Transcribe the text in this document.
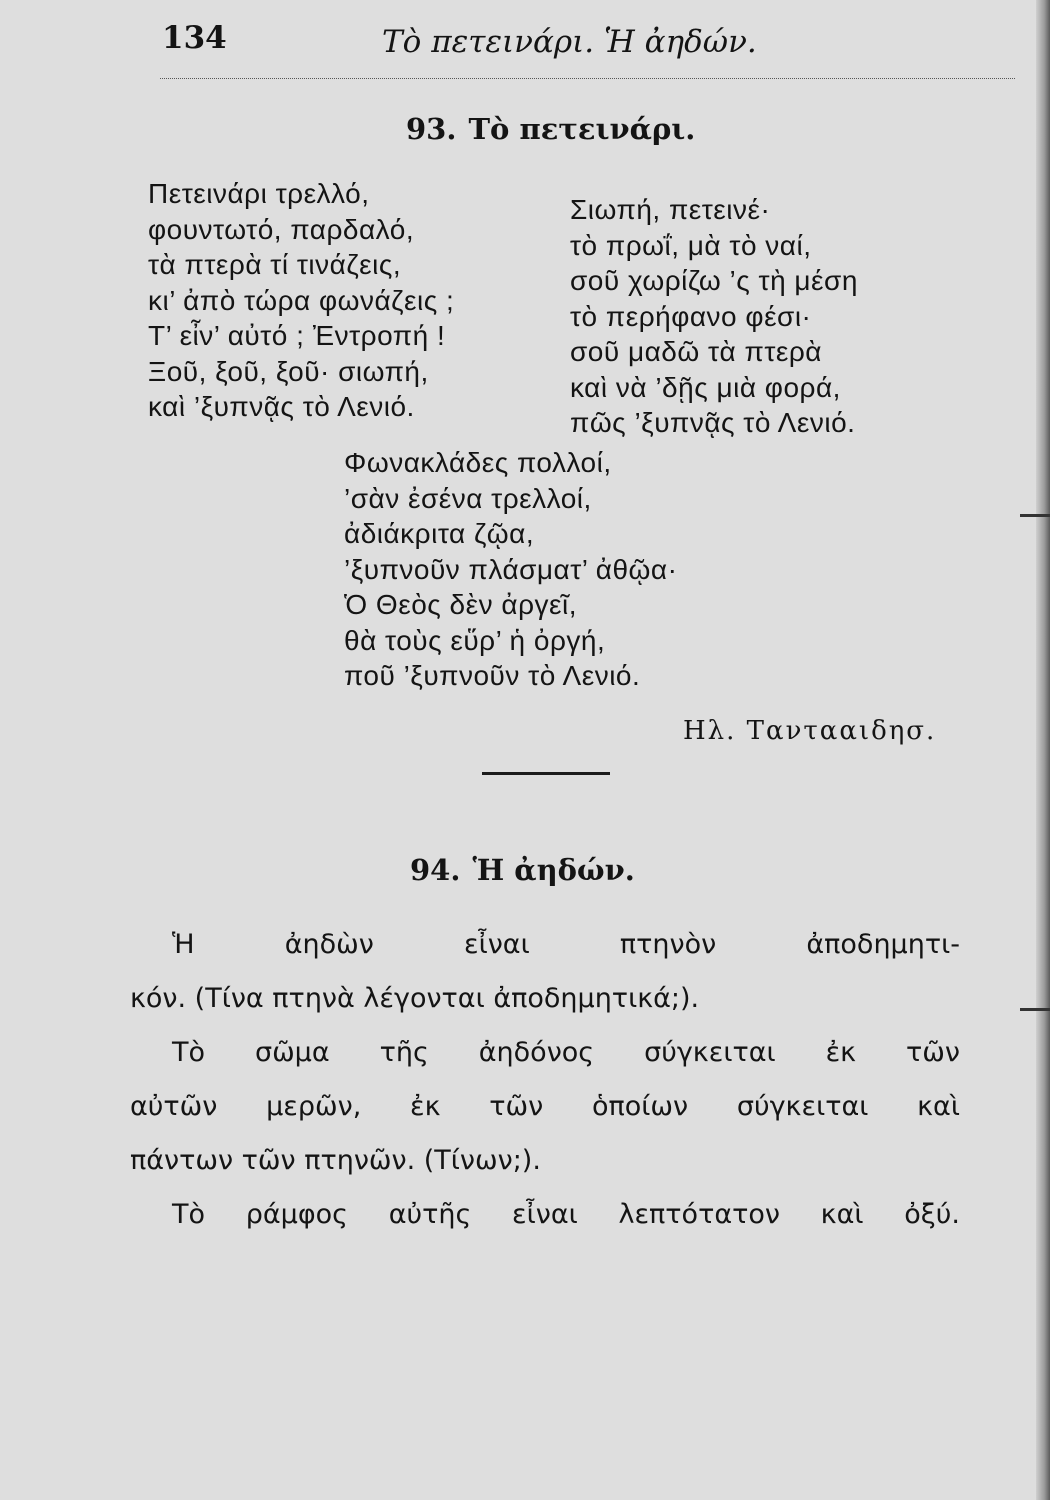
134	Τὸ πετεινάρι. Ἡ ἀηδών.
93. Τὸ πετεινάρι.
Πετεινάρι τρελλό,
φουντωτό, παρδαλό,
τὰ πτερὰ τί τινάζεις,
κι’ ἀπὸ τώρα φωνάζεις ;
Τ’ εἶν’ αὐτό ; Ἐντροπή !
Ξοῦ, ξοῦ, ξοῦ· σιωπή,
καὶ ’ξυπνᾷς τὸ Λενιό.
Σιωπή, πετεινέ·
τὸ πρωΐ, μὰ τὸ ναί,
σοῦ χωρίζω ’ς τὴ μέση
τὸ περήφανο φέσι·
σοῦ μαδῶ τὰ πτερὰ
καὶ νὰ ’δῇς μιὰ φορά,
πῶς ’ξυπνᾷς τὸ Λενιό.
Φωνακλάδες πολλοί,
’σὰν ἐσένα τρελλοί,
ἀδιάκριτα ζῷα,
’ξυπνοῦν πλάσματ’ ἀθῷα·
Ὁ Θεὸς δὲν ἀργεῖ,
θὰ τοὺς εὕρ’ ἡ ὀργή,
ποῦ ’ξυπνοῦν τὸ Λενιό.
Ηλ. Ταντααιδησ.
94. Ἡ ἀηδών.
Ἡ ἀηδὼν εἶναι πτηνὸν ἀποδημητι-
κόν. (Τίνα πτηνὰ λέγονται ἀποδημητικά;).
Τὸ σῶμα τῆς ἀηδόνος σύγκειται ἐκ τῶν
αὐτῶν μερῶν, ἐκ τῶν ὁποίων σύγκειται καὶ
πάντων τῶν πτηνῶν. (Τίνων;).
Τὸ ράμφος αὐτῆς εἶναι λεπτότατον καὶ ὀξύ.
